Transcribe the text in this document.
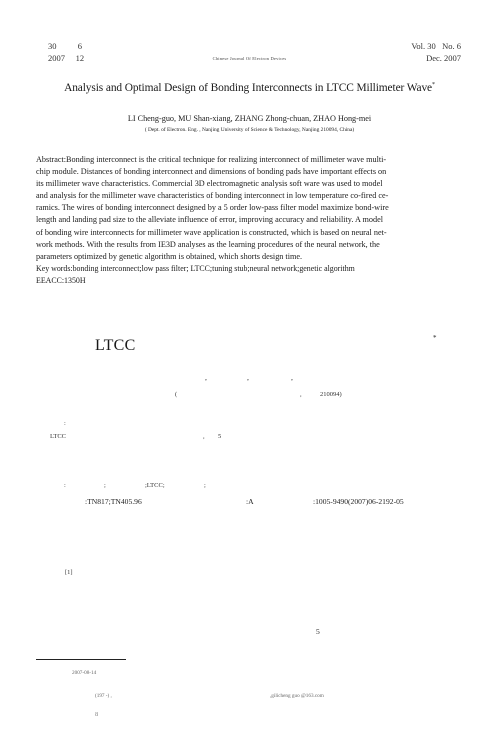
30          6
2007     12	Chinese Journal Of Electron Devices
Vol. 30   No. 6
Dec. 2007
Analysis and Optimal Design of Bonding Interconnects in LTCC Millimeter Wave*
LI Cheng-guo, MU Shan-xiang, ZHANG Zhong-chuan, ZHAO Hong-mei
( Dept. of Electron. Eng. , Nanjing University of Science & Technology, Nanjing 210094, China)

Abstract:Bonding interconnect is the critical technique for realizing interconnect of millimeter wave multi-

chip module. Distances of bonding interconnect and dimensions of bonding pads have important effects on

its millimeter wave characteristics. Commercial 3D electromagnetic analysis soft ware was used to model

and analysis for the millimeter wave characteristics of bonding interconnect in low temperature co-fired ce-

ramics. The wires of bonding interconnect designed by a 5 order low-pass filter model maximize bond-wire

length and landing pad size to the alleviate influence of error, improving accuracy and reliability. A model

of bonding wire interconnects for millimeter wave application is constructed, which is based on neural net-

work methods. With the results from IE3D analyses as the learning procedures of the neural network, the

parameters optimized by genetic algorithm is obtained, which shorts design time.

Key words:bonding interconnect;low pass filter; LTCC;tuning stub;neural network;genetic algorithm
EEACC:1350H
LTCC	*
,	,	,
(	,	210094)
:
LTCC	, 5
:	;	;LTCC;	;
:TN817;TN405.96	:A	:1005-9490(2007)06-2192-05
[1]
5
2007-08-14
(197 -) ,	,gilicheng guo @163.com
8
